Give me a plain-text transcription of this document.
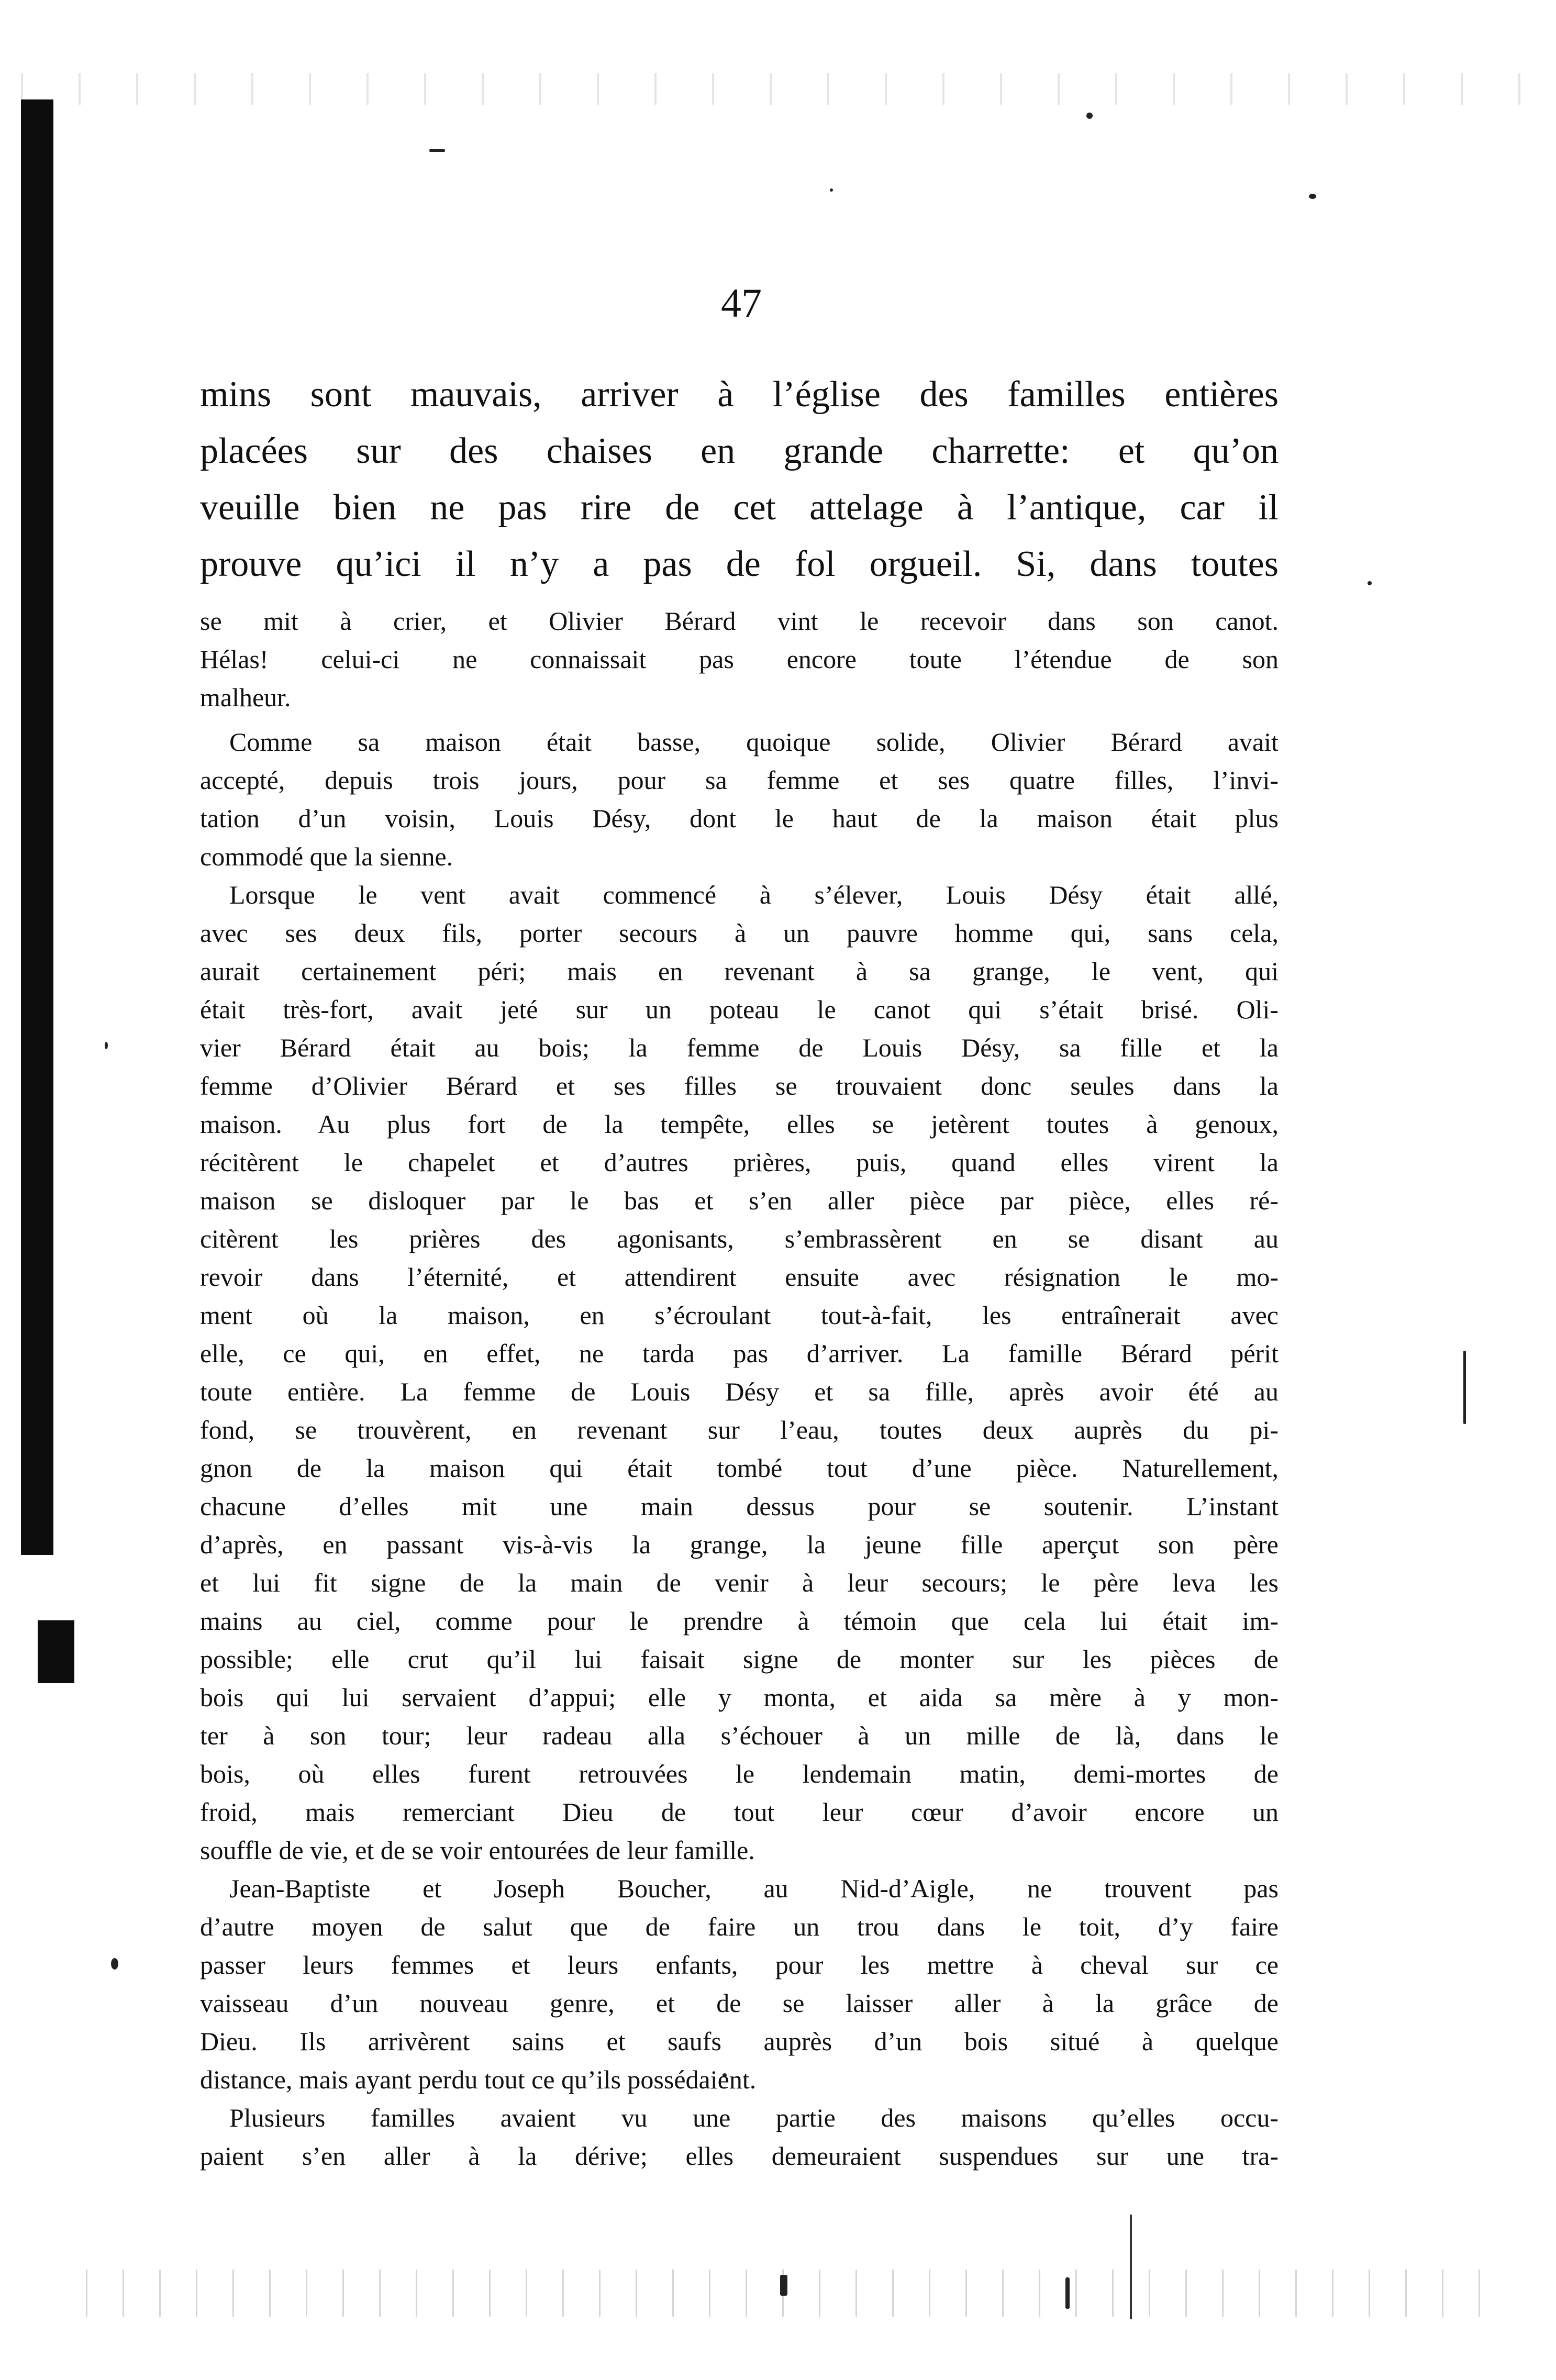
47
mins sont mauvais, arriver à l’église des familles entières
placées sur des chaises en grande charrette: et qu’on
veuille bien ne pas rire de cet attelage à l’antique, car il
prouve qu’ici il n’y a pas de fol orgueil. Si, dans toutes
se mit à crier, et Olivier Bérard vint le recevoir dans son canot.
Hélas! celui-ci ne connaissait pas encore toute l’étendue de son
malheur.
Comme sa maison était basse, quoique solide, Olivier Bérard avait
accepté, depuis trois jours, pour sa femme et ses quatre filles, l’invi-
tation d’un voisin, Louis Désy, dont le haut de la maison était plus
commodé que la sienne.
Lorsque le vent avait commencé à s’élever, Louis Désy était allé,
avec ses deux fils, porter secours à un pauvre homme qui, sans cela,
aurait certainement péri; mais en revenant à sa grange, le vent, qui
était très-fort, avait jeté sur un poteau le canot qui s’était brisé. Oli-
vier Bérard était au bois; la femme de Louis Désy, sa fille et la
femme d’Olivier Bérard et ses filles se trouvaient donc seules dans la
maison. Au plus fort de la tempête, elles se jetèrent toutes à genoux,
récitèrent le chapelet et d’autres prières, puis, quand elles virent la
maison se disloquer par le bas et s’en aller pièce par pièce, elles ré-
citèrent les prières des agonisants, s’embrassèrent en se disant au
revoir dans l’éternité, et attendirent ensuite avec résignation le mo-
ment où la maison, en s’écroulant tout-à-fait, les entraînerait avec
elle, ce qui, en effet, ne tarda pas d’arriver. La famille Bérard périt
toute entière. La femme de Louis Désy et sa fille, après avoir été au
fond, se trouvèrent, en revenant sur l’eau, toutes deux auprès du pi-
gnon de la maison qui était tombé tout d’une pièce. Naturellement,
chacune d’elles mit une main dessus pour se soutenir. L’instant
d’après, en passant vis-à-vis la grange, la jeune fille aperçut son père
et lui fit signe de la main de venir à leur secours; le père leva les
mains au ciel, comme pour le prendre à témoin que cela lui était im-
possible; elle crut qu’il lui faisait signe de monter sur les pièces de
bois qui lui servaient d’appui; elle y monta, et aida sa mère à y mon-
ter à son tour; leur radeau alla s’échouer à un mille de là, dans le
bois, où elles furent retrouvées le lendemain matin, demi-mortes de
froid, mais remerciant Dieu de tout leur cœur d’avoir encore un
souffle de vie, et de se voir entourées de leur famille.
Jean-Baptiste et Joseph Boucher, au Nid-d’Aigle, ne trouvent pas
d’autre moyen de salut que de faire un trou dans le toit, d’y faire
passer leurs femmes et leurs enfants, pour les mettre à cheval sur ce
vaisseau d’un nouveau genre, et de se laisser aller à la grâce de
Dieu. Ils arrivèrent sains et saufs auprès d’un bois situé à quelque
distance, mais ayant perdu tout ce qu’ils possédaient.
Plusieurs familles avaient vu une partie des maisons qu’elles occu-
paient s’en aller à la dérive; elles demeuraient suspendues sur une tra-
